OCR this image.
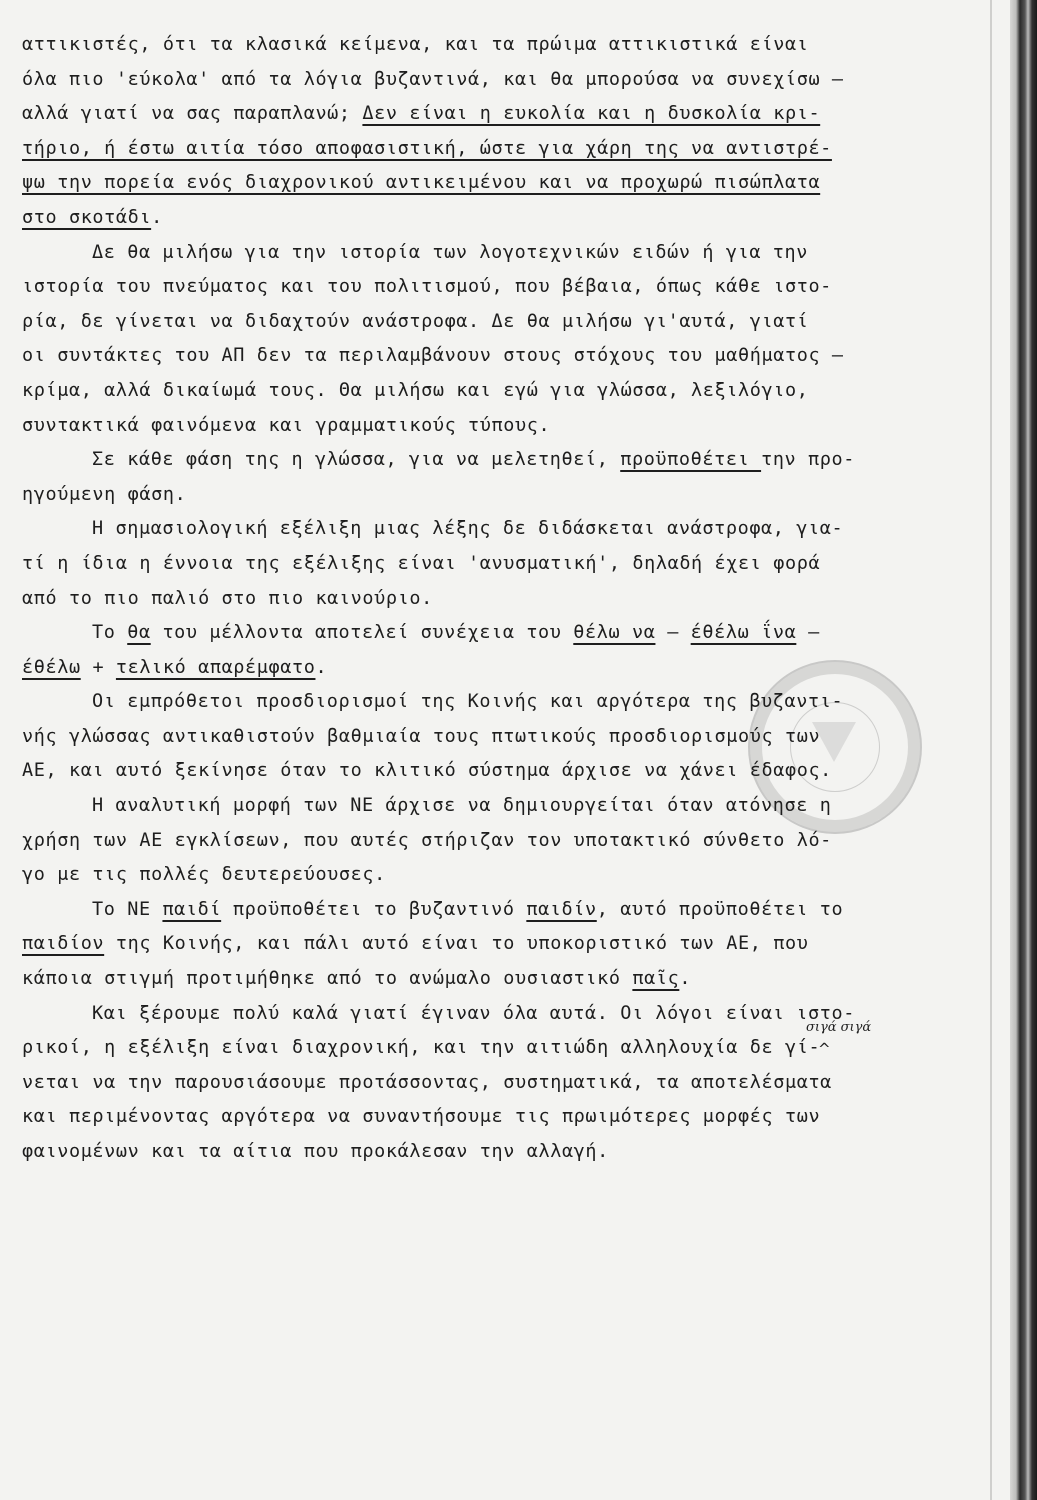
αττικιστές, ότι τα κλασικά κείμενα, και τα πρώιμα αττικιστικά είναι
όλα πιο 'εύκολα' από τα λόγια βυζαντινά, και θα μπορούσα να συνεχίσω —
αλλά γιατί να σας παραπλανώ; Δεν είναι η ευκολία και η δυσκολία κρι-
τήριο, ή έστω αιτία τόσο αποφασιστική, ώστε για χάρη της να αντιστρέ-
ψω την πορεία ενός διαχρονικού αντικειμένου και να προχωρώ πισώπλατα
στο σκοτάδι.
Δε θα μιλήσω για την ιστορία των λογοτεχνικών ειδών ή για την
ιστορία του πνεύματος και του πολιτισμού, που βέβαια, όπως κάθε ιστο-
ρία, δε γίνεται να διδαχτούν ανάστροφα. Δε θα μιλήσω γι'αυτά, γιατί
οι συντάκτες του ΑΠ δεν τα περιλαμβάνουν στους στόχους του μαθήματος —
κρίμα, αλλά δικαίωμά τους. Θα μιλήσω και εγώ για γλώσσα, λεξιλόγιο,
συντακτικά φαινόμενα και γραμματικούς τύπους.
Σε κάθε φάση της η γλώσσα, για να μελετηθεί, προϋποθέτει την προ-
ηγούμενη φάση.
Η σημασιολογική εξέλιξη μιας λέξης δε διδάσκεται ανάστροφα, για-
τί η ίδια η έννοια της εξέλιξης είναι 'ανυσματική', δηλαδή έχει φορά
από το πιο παλιό στο πιο καινούριο.
Το θα του μέλλοντα αποτελεί συνέχεια του θέλω να — έθέλω ΐνα —
έθέλω + τελικό απαρέμφατο.
Οι εμπρόθετοι προσδιορισμοί της Κοινής και αργότερα της βυζαντι-
νής γλώσσας αντικαθιστούν βαθμιαία τους πτωτικούς προσδιορισμούς των
ΑΕ, και αυτό ξεκίνησε όταν το κλιτικό σύστημα άρχισε να χάνει έδαφος.
Η αναλυτική μορφή των ΝΕ άρχισε να δημιουργείται όταν ατόνησε η
χρήση των ΑΕ εγκλίσεων, που αυτές στήριζαν τον υποτακτικό σύνθετο λό-
γο με τις πολλές δευτερεύουσες.
Το ΝΕ παιδί προϋποθέτει το βυζαντινό παιδίν, αυτό προϋποθέτει το
παιδίον της Κοινής, και πάλι αυτό είναι το υποκοριστικό των ΑΕ, που
κάποια στιγμή προτιμήθηκε από το ανώμαλο ουσιαστικό παῖς.
Και ξέρουμε πολύ καλά γιατί έγιναν όλα αυτά. Οι λόγοι είναι ιστο-
ρικοί, η εξέλιξη είναι διαχρονική, και την αιτιώδη αλληλουχία δε γί-
νεται να την παρουσιάσουμε προτάσσοντας, συστηματικά, τα αποτελέσματα
και περιμένοντας αργότερα να συναντήσουμε τις πρωιμότερες μορφές των
φαινομένων και τα αίτια που προκάλεσαν την αλλαγή.
σιγά σιγά
^
